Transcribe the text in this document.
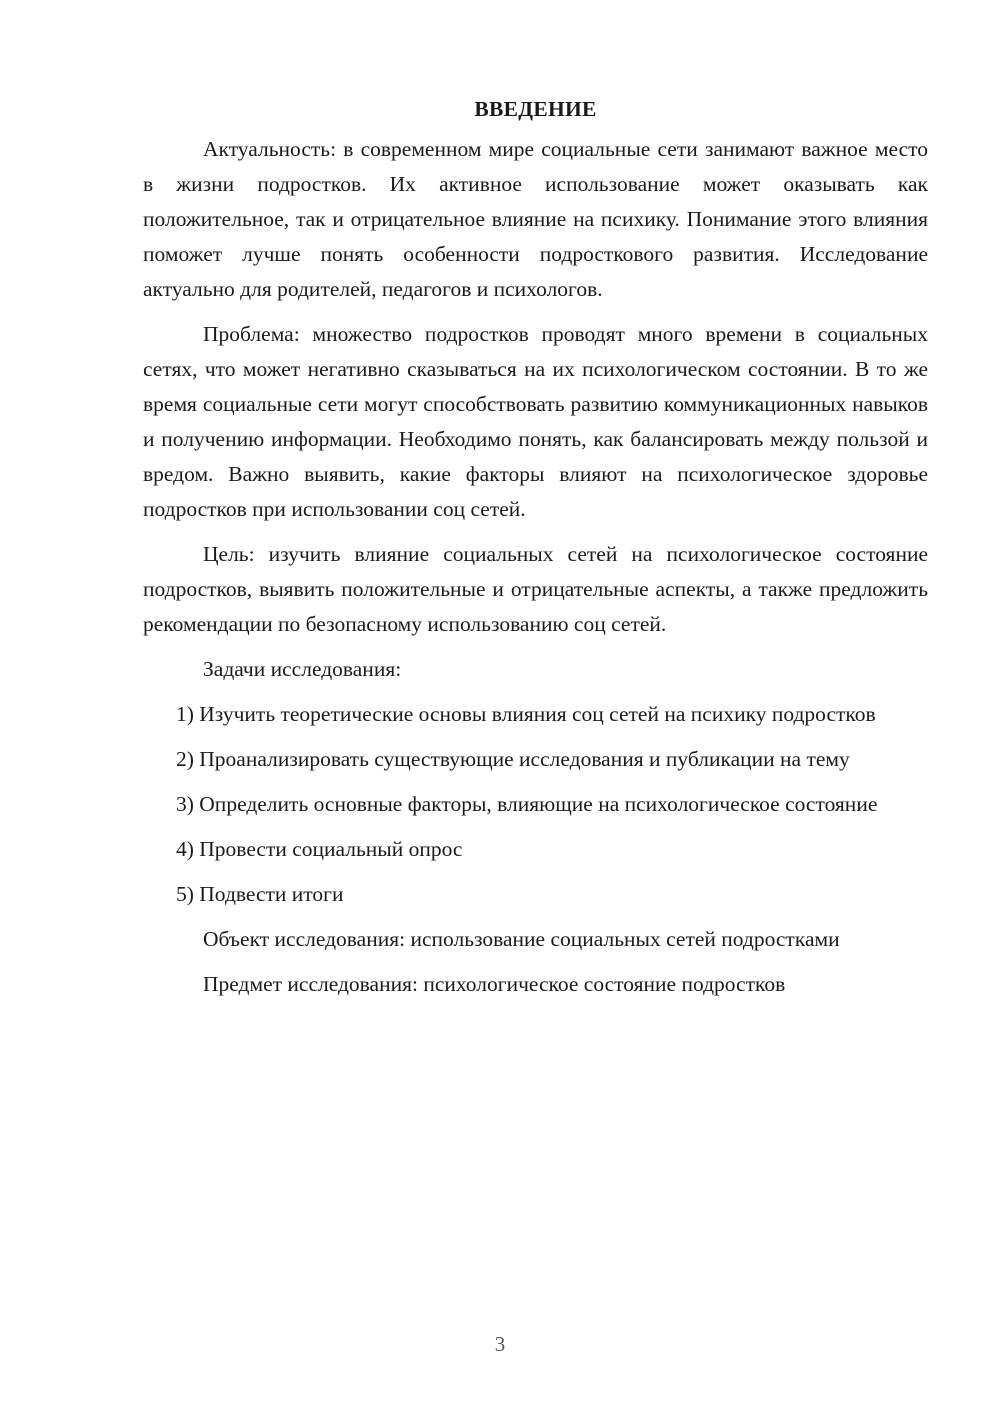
ВВЕДЕНИЕ

Актуальность: в современном мире социальные сети занимают важное место в жизни подростков. Их активное использование может оказывать как положительное, так и отрицательное влияние на психику. Понимание этого влияния поможет лучше понять особенности подросткового развития. Исследование актуально для родителей, педагогов и психологов.

Проблема: множество подростков проводят много времени в социальных сетях, что может негативно сказываться на их психологическом состоянии. В то же время социальные сети могут способствовать развитию коммуникационных навыков и получению информации. Необходимо понять, как балансировать между пользой и вредом. Важно выявить, какие факторы влияют на психологическое здоровье подростков при использовании соц сетей.

Цель: изучить влияние социальных сетей на психологическое состояние подростков, выявить положительные и отрицательные аспекты, а также предложить рекомендации по безопасному использованию соц сетей.

Задачи исследования:

1) Изучить теоретические основы влияния соц сетей на психику подростков

2) Проанализировать существующие исследования и публикации на тему

3) Определить основные факторы, влияющие на психологическое состояние

4) Провести социальный опрос

5) Подвести итоги

Объект исследования: использование социальных сетей подростками

Предмет исследования: психологическое состояние подростков

3
